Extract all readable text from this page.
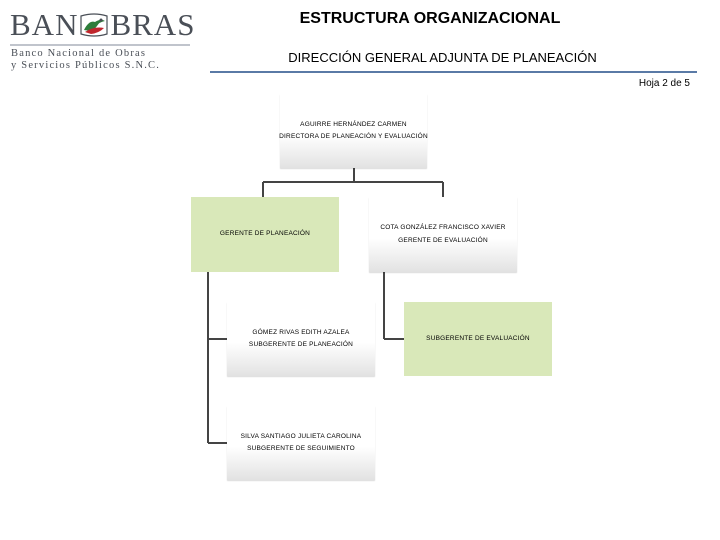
BAN BRAS
Banco Nacional de Obras
y Servicios Públicos S.N.C.
ESTRUCTURA ORGANIZACIONAL
DIRECCIÓN GENERAL ADJUNTA DE PLANEACIÓN
Hoja 2 de 5
AGUIRRE HERNÁNDEZ CARMEN
DIRECTORA DE PLANEACIÓN Y EVALUACIÓN
GERENTE DE PLANEACIÓN
COTA GONZÁLEZ FRANCISCO XAVIER
GERENTE DE EVALUACIÓN
GÓMEZ RIVAS EDITH AZALEA
SUBGERENTE DE PLANEACIÓN
SUBGERENTE DE EVALUACIÓN
SILVA SANTIAGO JULIETA CAROLINA
SUBGERENTE DE SEGUIMIENTO
